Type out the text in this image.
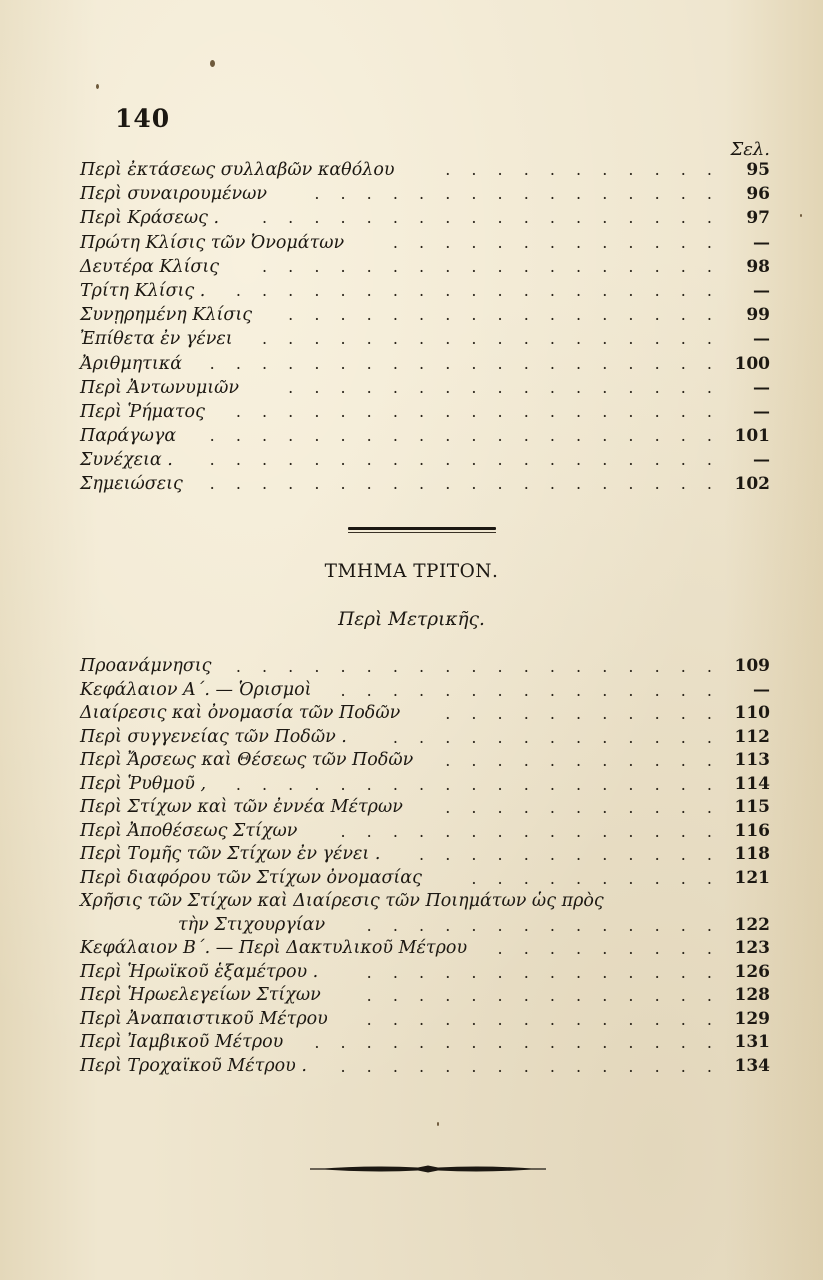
140
Σελ.
Περὶ ἐκτάσεως συλλαβῶν καθόλου	.  .  .  .  .  .  .  .  .  .  .	95
Περὶ συναιρουμένων	.  .  .  .  .  .  .  .  .  .  .  .  .  .  .  .	96
Περὶ Κράσεως .	.  .  .  .  .  .  .  .  .  .  .  .  .  .  .  .  .  .	97
Πρώτη Κλίσις τῶν Ὀνομάτων	.  .  .  .  .  .  .  .  .  .  .  .  .	—
Δευτέρα Κλίσις	.  .  .  .  .  .  .  .  .  .  .  .  .  .  .  .  .  .	98
Τρίτη Κλίσις .	.  .  .  .  .  .  .  .  .  .  .  .  .  .  .  .  .  .  .	—
Συνῃρημένη Κλίσις	.  .  .  .  .  .  .  .  .  .  .  .  .  .  .  .  .	99
Ἐπίθετα ἐν γένει	.  .  .  .  .  .  .  .  .  .  .  .  .  .  .  .  .  .	—
Ἀριθμητικά	.  .  .  .  .  .  .  .  .  .  .  .  .  .  .  .  .  .  .  .	100
Περὶ Ἀντωνυμιῶν	.  .  .  .  .  .  .  .  .  .  .  .  .  .  .  .  .	—
Περὶ Ῥήματος	.  .  .  .  .  .  .  .  .  .  .  .  .  .  .  .  .  .  .	—
Παράγωγα	.  .  .  .  .  .  .  .  .  .  .  .  .  .  .  .  .  .  .  .	101
Συνέχεια .	.  .  .  .  .  .  .  .  .  .  .  .  .  .  .  .  .  .  .  .	—
Σημειώσεις	.  .  .  .  .  .  .  .  .  .  .  .  .  .  .  .  .  .  .  .	102
ΤΜΗΜΑ ΤΡΙΤΟΝ.
Περὶ Μετρικῆς.
Προανάμνησις	.  .  .  .  .  .  .  .  .  .  .  .  .  .  .  .  .  .  .	109
Κεφάλαιον Α΄. — Ὁρισμοὶ	.  .  .  .  .  .  .  .  .  .  .  .  .  .  .	—
Διαίρεσις καὶ ὀνομασία τῶν Ποδῶν	.  .  .  .  .  .  .  .  .  .  .	110
Περὶ συγγενείας τῶν Ποδῶν .	.  .  .  .  .  .  .  .  .  .  .  .  .	112
Περὶ Ἄρσεως καὶ Θέσεως τῶν Ποδῶν	.  .  .  .  .  .  .  .  .  .  .	113
Περὶ Ῥυθμοῦ ,	.  .  .  .  .  .  .  .  .  .  .  .  .  .  .  .  .  .  .	114
Περὶ Στίχων καὶ τῶν ἐννέα Μέτρων	.  .  .  .  .  .  .  .  .  .  .	115
Περὶ Ἀποθέσεως Στίχων	.  .  .  .  .  .  .  .  .  .  .  .  .  .  .	116
Περὶ Τομῆς τῶν Στίχων ἐν γένει .	.  .  .  .  .  .  .  .  .  .  .  .	118
Περὶ διαφόρου τῶν Στίχων ὀνομασίας	.  .  .  .  .  .  .  .  .  .	121
Χρῆσις τῶν Στίχων καὶ Διαίρεσις τῶν Ποιημάτων ὡς πρὸς
τὴν Στιχουργίαν	.  .  .  .  .  .  .  .  .  .  .  .  .  .	122
Κεφάλαιον Β΄. — Περὶ Δακτυλικοῦ Μέτρου	.  .  .  .  .  .  .  .  .	123
Περὶ Ἡρωϊκοῦ ἑξαμέτρου .	.  .  .  .  .  .  .  .  .  .  .  .  .  .	126
Περὶ Ἡρωελεγείων Στίχων	.  .  .  .  .  .  .  .  .  .  .  .  .  .	128
Περὶ Ἀναπαιστικοῦ Μέτρου	.  .  .  .  .  .  .  .  .  .  .  .  .  .	129
Περὶ Ἰαμβικοῦ Μέτρου	.  .  .  .  .  .  .  .  .  .  .  .  .  .  .  .	131
Περὶ Τροχαϊκοῦ Μέτρου .	.  .  .  .  .  .  .  .  .  .  .  .  .  .  .	134
